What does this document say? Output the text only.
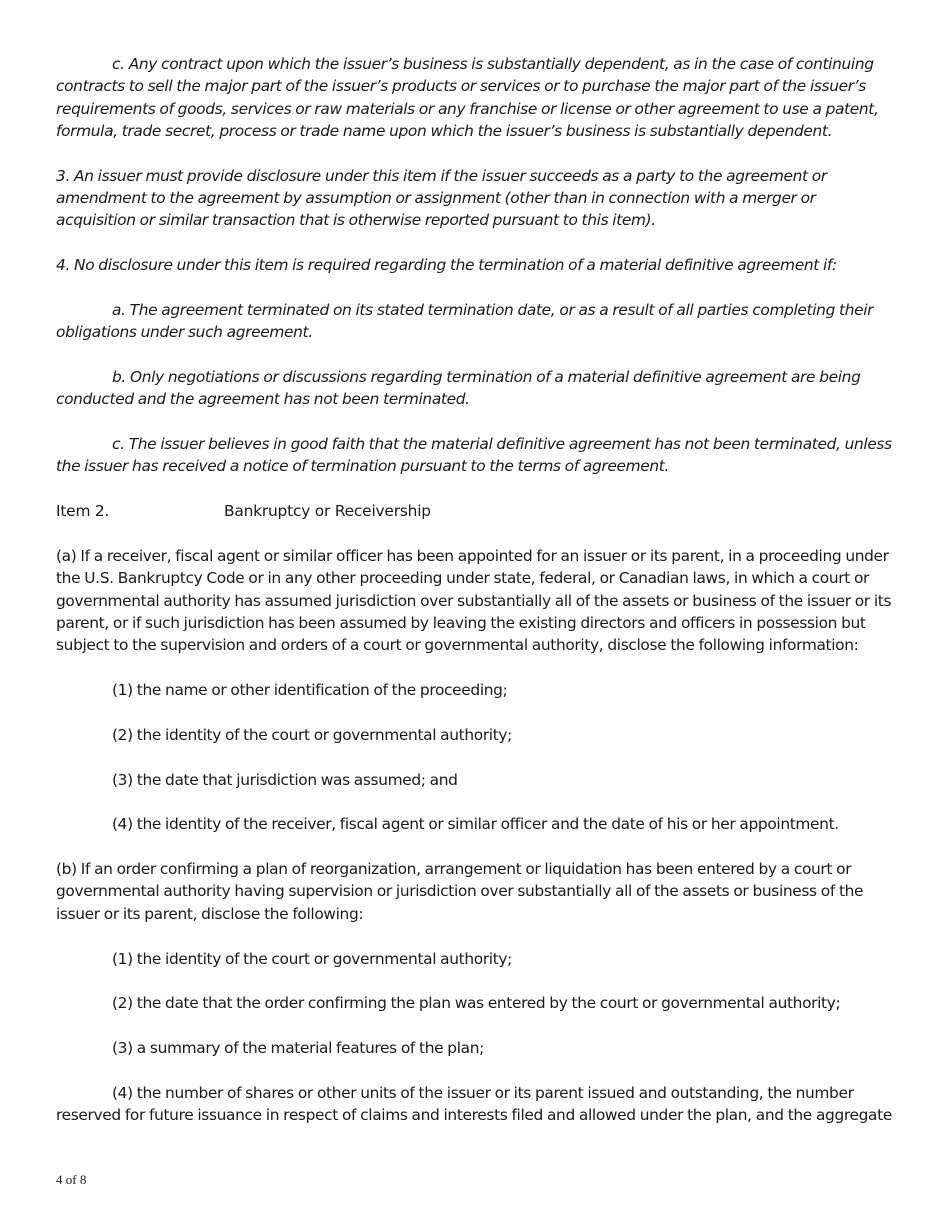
c. Any contract upon which the issuer’s business is substantially dependent, as in the case of continuing contracts to sell the major part of the issuer’s products or services or to purchase the major part of the issuer’s requirements of goods, services or raw materials or any franchise or license or other agreement to use a patent, formula, trade secret, process or trade name upon which the issuer’s business is substantially dependent.

3. An issuer must provide disclosure under this item if the issuer succeeds as a party to the agreement or amendment to the agreement by assumption or assignment (other than in connection with a merger or acquisition or similar transaction that is otherwise reported pursuant to this item).

4. No disclosure under this item is required regarding the termination of a material definitive agreement if:

a. The agreement terminated on its stated termination date, or as a result of all parties completing their obligations under such agreement.

b. Only negotiations or discussions regarding termination of a material definitive agreement are being conducted and the agreement has not been terminated.

c. The issuer believes in good faith that the material definitive agreement has not been terminated, unless the issuer has received a notice of termination pursuant to the terms of agreement.

Item 2.	Bankruptcy or Receivership

(a) If a receiver, fiscal agent or similar officer has been appointed for an issuer or its parent, in a proceeding under the U.S. Bankruptcy Code or in any other proceeding under state, federal, or Canadian laws, in which a court or governmental authority has assumed jurisdiction over substantially all of the assets or business of the issuer or its parent, or if such jurisdiction has been assumed by leaving the existing directors and officers in possession but subject to the supervision and orders of a court or governmental authority, disclose the following information:

(1) the name or other identification of the proceeding;

(2) the identity of the court or governmental authority;

(3) the date that jurisdiction was assumed; and

(4) the identity of the receiver, fiscal agent or similar officer and the date of his or her appointment.

(b) If an order confirming a plan of reorganization, arrangement or liquidation has been entered by a court or governmental authority having supervision or jurisdiction over substantially all of the assets or business of the issuer or its parent, disclose the following:

(1) the identity of the court or governmental authority;

(2) the date that the order confirming the plan was entered by the court or governmental authority;

(3) a summary of the material features of the plan;

(4) the number of shares or other units of the issuer or its parent issued and outstanding, the number reserved for future issuance in respect of claims and interests filed and allowed under the plan, and the aggregate

4 of 8
